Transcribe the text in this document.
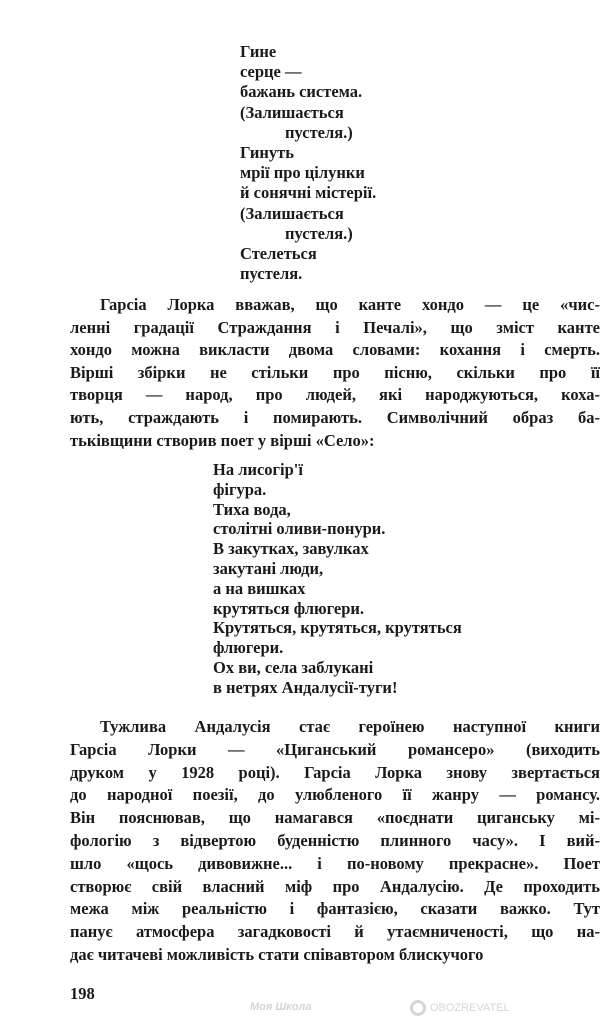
Гине
серце —
бажань система.
(Залишається
пустеля.)
Гинуть
мрії про цілунки
й сонячні містерії.
(Залишається
пустеля.)
Стелеться
пустеля.
Гарсіа Лорка вважав, що канте хондо — це «чис-
ленні градації Страждання і Печалі», що зміст канте
хондо можна викласти двома словами: кохання і смерть.
Вірші збірки не стільки про пісню, скільки про її
творця — народ, про людей, які народжуються, коха-
ють, страждають і помирають. Символічний образ ба-
тьківщини створив поет у вірші «Село»:
На лисогір'ї
фігура.
Тиха вода,
столітні оливи-понури.
В закутках, завулках
закутані люди,
а на вишках
крутяться флюгери.
Крутяться, крутяться, крутяться
флюгери.
Ох ви, села заблукані
в нетрях Андалусії-туги!
Тужлива Андалусія стає героїнею наступної книги
Гарсіа Лорки — «Циганський романсеро» (виходить
друком у 1928 році). Гарсіа Лорка знову звертається
до народної поезії, до улюбленого її жанру — романсу.
Він пояснював, що намагався «поєднати циганську мі-
фологію з відвертою буденністю плинного часу». І вий-
шло «щось дивовижне... і по-новому прекрасне». Поет
створює свій власний міф про Андалусію. Де проходить
межа між реальністю і фантазією, сказати важко. Тут
панує атмосфера загадковості й утаємниченості, що на-
дає читачеві можливість стати співавтором блискучого
198
Моя Школа	OBOZREVATEL
